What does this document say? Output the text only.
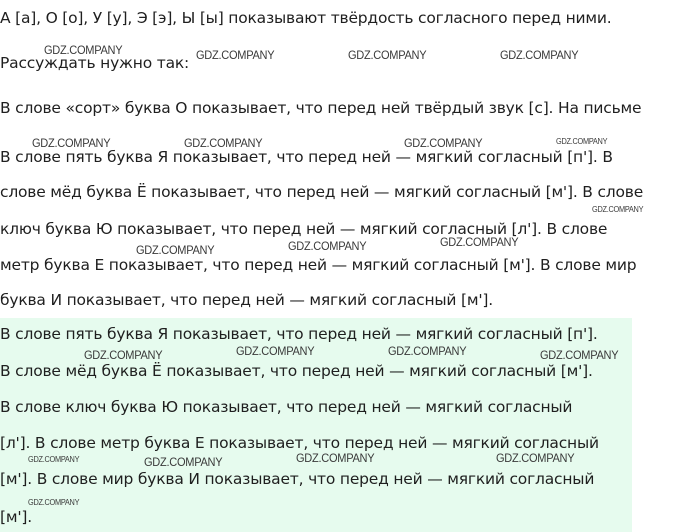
А [а], О [о], У [у], Э [э], Ы [ы] показывают твёрдость согласного перед ними.
Рассуждать нужно так:
В слове «сорт» буква О показывает, что перед ней твёрдый звук [с]. На письме
В слове пять буква Я показывает, что перед ней — мягкий согласный [п']. В
слове мёд буква Ё показывает, что перед ней — мягкий согласный [м']. В слове
ключ буква Ю показывает, что перед ней — мягкий согласный [л']. В слове
метр буква Е показывает, что перед ней — мягкий согласный [м']. В слове мир
буква И показывает, что перед ней — мягкий согласный [м'].
В слове пять буква Я показывает, что перед ней — мягкий согласный [п'].
В слове мёд буква Ё показывает, что перед ней — мягкий согласный [м'].
В слове ключ буква Ю показывает, что перед ней — мягкий согласный
[л']. В слове метр буква Е показывает, что перед ней — мягкий согласный
[м']. В слове мир буква И показывает, что перед ней — мягкий согласный
[м'].
GDZ.COMPANY	GDZ.COMPANY	GDZ.COMPANY	GDZ.COMPANY
GDZ.COMPANY	GDZ.COMPANY	GDZ.COMPANY	GDZ.COMPANY
GDZ.COMPANY
GDZ.COMPANY	GDZ.COMPANY
GDZ.COMPANY
GDZ.COMPANY	GDZ.COMPANY
GDZ.COMPANY	GDZ.COMPANY
GDZ.COMPANY	GDZ.COMPANY	GDZ.COMPANY	GDZ.COMPANY
GDZ.COMPANY
